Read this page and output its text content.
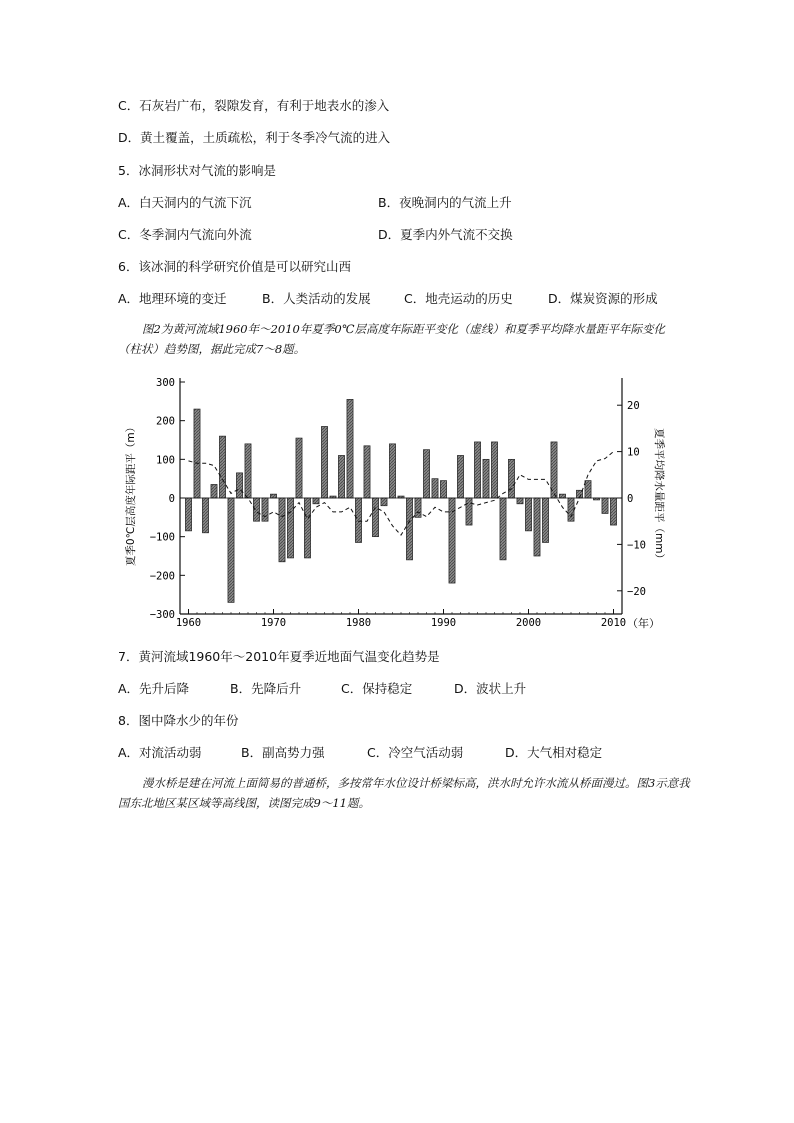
C．石灰岩广布，裂隙发育，有利于地表水的渗入
D．黄土覆盖，土质疏松，利于冬季冷气流的进入
5．冰洞形状对气流的影响是
A．白天洞内的气流下沉	B．夜晚洞内的气流上升
C．冬季洞内气流向外流	D．夏季内外气流不交换
6．该冰洞的科学研究价值是可以研究山西
A．地理环境的变迁	B．人类活动的发展	C．地壳运动的历史	D．煤炭资源的形成
图2为黄河流域1960年～2010年夏季0℃层高度年际距平变化（虚线）和夏季平均降水量距平年际变化（柱状）趋势图，据此完成7～8题。
300
200
100
0
−100
−200
−300
20
10
0
−10
−20
1960	1970	1980	1990	2000	2010
夏季0℃层高度年际距平（m）	夏季平均降水量距平（mm）
（年）
7．黄河流域1960年～2010年夏季近地面气温变化趋势是
A．先升后降	B．先降后升	C．保持稳定	D．波状上升
8．图中降水少的年份
A．对流活动弱	B．副高势力强	C．冷空气活动弱	D．大气相对稳定
漫水桥是建在河流上面简易的普通桥，多按常年水位设计桥梁标高，洪水时允许水流从桥面漫过。图3示意我国东北地区某区域等高线图，读图完成9～11题。
